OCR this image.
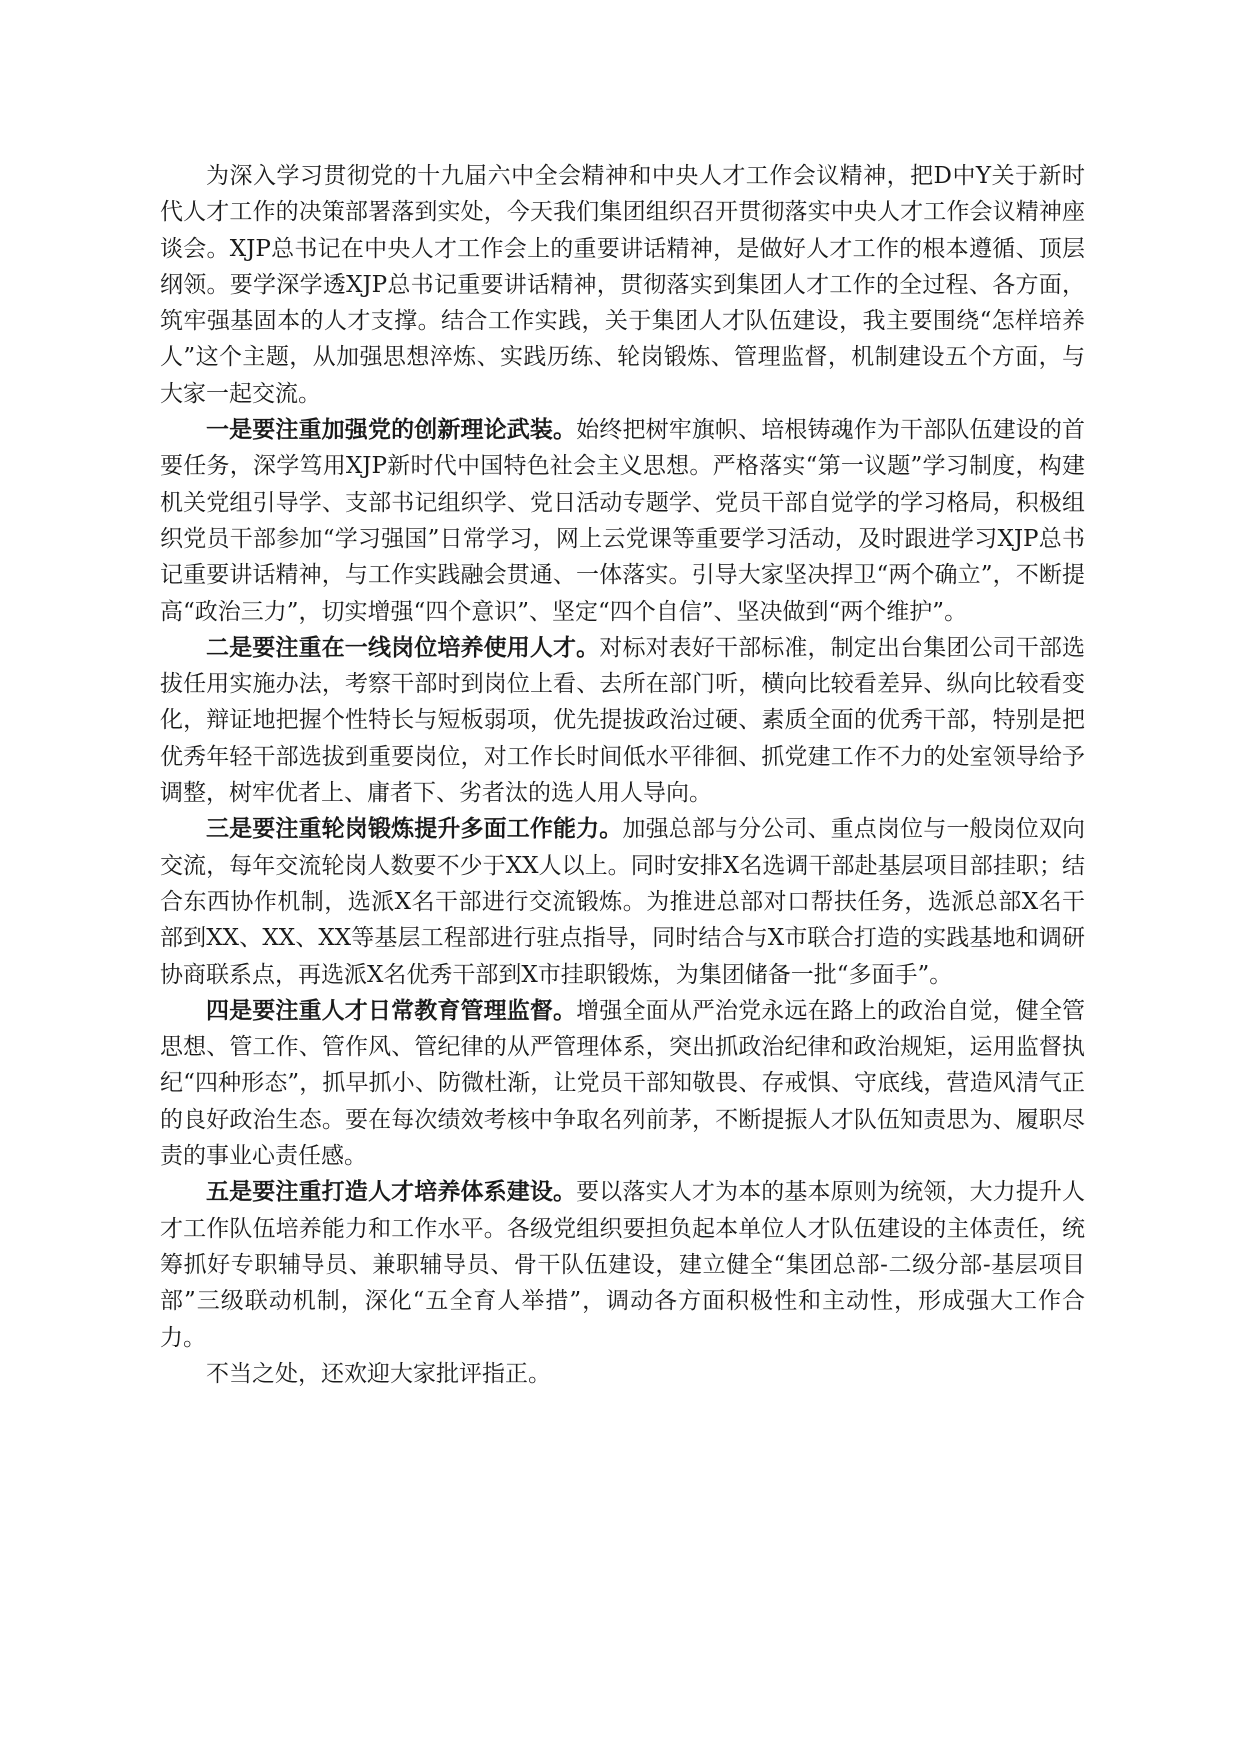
为深入学习贯彻党的十九届六中全会精神和中央人才工作会议精神，把D中Y关于新时代人才工作的决策部署落到实处，今天我们集团组织召开贯彻落实中央人才工作会议精神座谈会。XJP总书记在中央人才工作会上的重要讲话精神，是做好人才工作的根本遵循、顶层纲领。要学深学透XJP总书记重要讲话精神，贯彻落实到集团人才工作的全过程、各方面，筑牢强基固本的人才支撑。结合工作实践，关于集团人才队伍建设，我主要围绕“怎样培养人”这个主题，从加强思想淬炼、实践历练、轮岗锻炼、管理监督，机制建设五个方面，与大家一起交流。

一是要注重加强党的创新理论武装。始终把树牢旗帜、培根铸魂作为干部队伍建设的首要任务，深学笃用XJP新时代中国特色社会主义思想。严格落实“第一议题”学习制度，构建机关党组引导学、支部书记组织学、党日活动专题学、党员干部自觉学的学习格局，积极组织党员干部参加“学习强国”日常学习，网上云党课等重要学习活动，及时跟进学习XJP总书记重要讲话精神，与工作实践融会贯通、一体落实。引导大家坚决捍卫“两个确立”，不断提高“政治三力”，切实增强“四个意识”、坚定“四个自信”、坚决做到“两个维护”。

二是要注重在一线岗位培养使用人才。对标对表好干部标准，制定出台集团公司干部选拔任用实施办法，考察干部时到岗位上看、去所在部门听，横向比较看差异、纵向比较看变化，辩证地把握个性特长与短板弱项，优先提拔政治过硬、素质全面的优秀干部，特别是把优秀年轻干部选拔到重要岗位，对工作长时间低水平徘徊、抓党建工作不力的处室领导给予调整，树牢优者上、庸者下、劣者汰的选人用人导向。

三是要注重轮岗锻炼提升多面工作能力。加强总部与分公司、重点岗位与一般岗位双向交流，每年交流轮岗人数要不少于XX人以上。同时安排X名选调干部赴基层项目部挂职；结合东西协作机制，选派X名干部进行交流锻炼。为推进总部对口帮扶任务，选派总部X名干部到XX、XX、XX等基层工程部进行驻点指导，同时结合与X市联合打造的实践基地和调研协商联系点，再选派X名优秀干部到X市挂职锻炼，为集团储备一批“多面手”。

四是要注重人才日常教育管理监督。增强全面从严治党永远在路上的政治自觉，健全管思想、管工作、管作风、管纪律的从严管理体系，突出抓政治纪律和政治规矩，运用监督执纪“四种形态”，抓早抓小、防微杜渐，让党员干部知敬畏、存戒惧、守底线，营造风清气正的良好政治生态。要在每次绩效考核中争取名列前茅，不断提振人才队伍知责思为、履职尽责的事业心责任感。

五是要注重打造人才培养体系建设。要以落实人才为本的基本原则为统领，大力提升人才工作队伍培养能力和工作水平。各级党组织要担负起本单位人才队伍建设的主体责任，统筹抓好专职辅导员、兼职辅导员、骨干队伍建设，建立健全“集团总部-二级分部-基层项目部”三级联动机制，深化“五全育人举措”，调动各方面积极性和主动性，形成强大工作合力。

不当之处，还欢迎大家批评指正。
